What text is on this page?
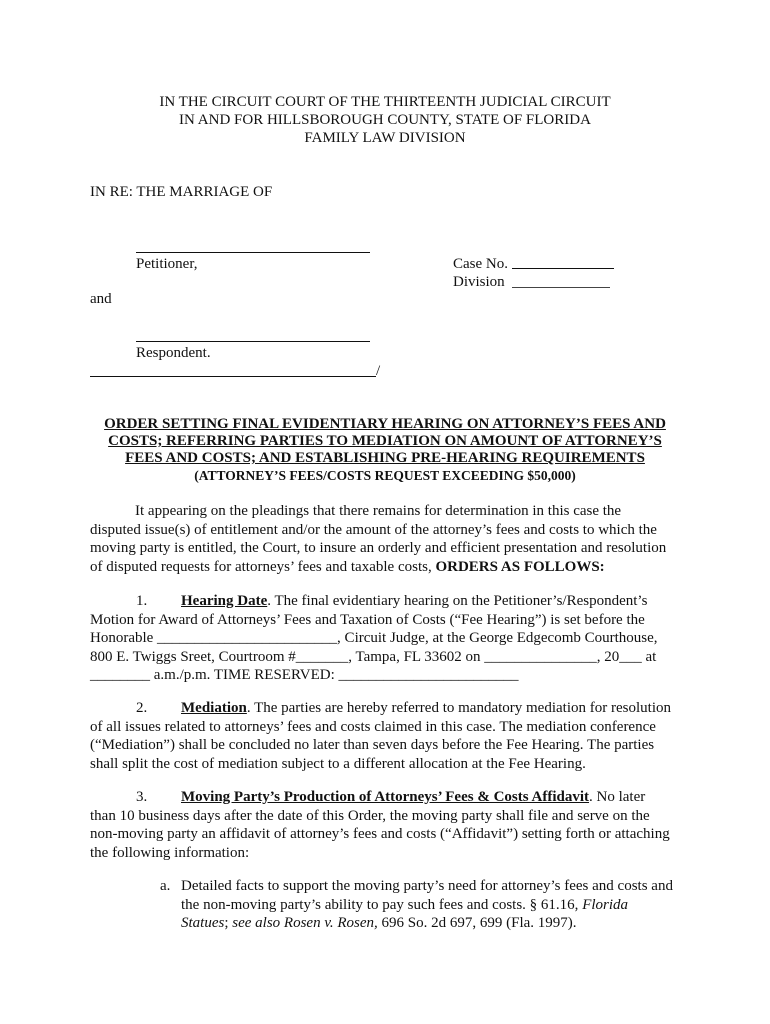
IN THE CIRCUIT COURT OF THE THIRTEENTH JUDICIAL CIRCUIT
IN AND FOR HILLSBOROUGH COUNTY, STATE OF FLORIDA
FAMILY LAW DIVISION
IN RE: THE MARRIAGE OF
Petitioner,	Case No.
Division
and
Respondent.
/
ORDER SETTING FINAL EVIDENTIARY HEARING ON ATTORNEY’S FEES AND
COSTS; REFERRING PARTIES TO MEDIATION ON AMOUNT OF ATTORNEY’S
FEES AND COSTS; AND ESTABLISHING PRE-HEARING REQUIREMENTS
(ATTORNEY’S FEES/COSTS REQUEST EXCEEDING $50,000)
It appearing on the pleadings that there remains for determination in this case the
disputed issue(s) of entitlement and/or the amount of the attorney’s fees and costs to which the
moving party is entitled, the Court, to insure an orderly and efficient presentation and resolution
of disputed requests for attorneys’ fees and taxable costs, ORDERS AS FOLLOWS:
1. Hearing Date. The final evidentiary hearing on the Petitioner’s/Respondent’s
Motion for Award of Attorneys’ Fees and Taxation of Costs (“Fee Hearing”) is set before the
Honorable ________________________, Circuit Judge, at the George Edgecomb Courthouse,
800 E. Twiggs Sreet, Courtroom #_______, Tampa, FL 33602 on _______________, 20___ at
________ a.m./p.m. TIME RESERVED: ________________________
2. Mediation. The parties are hereby referred to mandatory mediation for resolution
of all issues related to attorneys’ fees and costs claimed in this case. The mediation conference
(“Mediation”) shall be concluded no later than seven days before the Fee Hearing. The parties
shall split the cost of mediation subject to a different allocation at the Fee Hearing.
3. Moving Party’s Production of Attorneys’ Fees & Costs Affidavit. No later
than 10 business days after the date of this Order, the moving party shall file and serve on the
non-moving party an affidavit of attorney’s fees and costs (“Affidavit”) setting forth or attaching
the following information:
a. Detailed facts to support the moving party’s need for attorney’s fees and costs and
the non-moving party’s ability to pay such fees and costs. § 61.16, Florida
Statues; see also Rosen v. Rosen, 696 So. 2d 697, 699 (Fla. 1997).
